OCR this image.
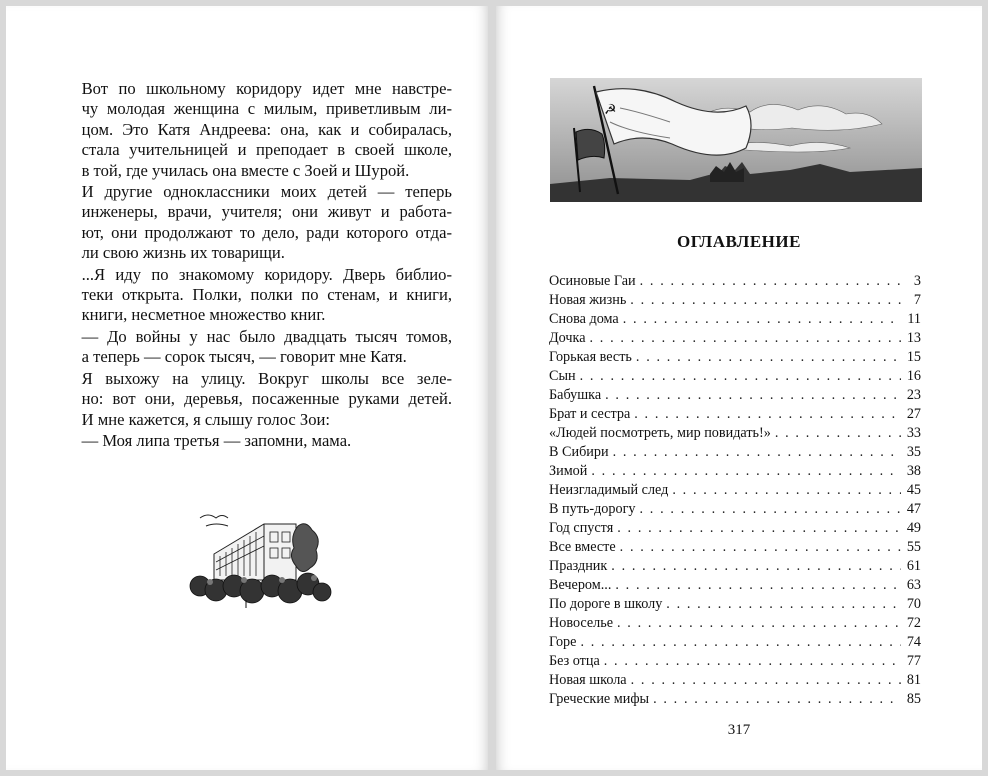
Вот по школьному коридору идет мне навстре-
чу молодая женщина с милым, приветливым ли-
цом. Это Катя Андреева: она, как и собиралась,
стала учительницей и преподает в своей школе,
в той, где училась она вместе с Зоей и Шурой.

И другие одноклассники моих детей — теперь
инженеры, врачи, учителя; они живут и работа-
ют, они продолжают то дело, ради которого отда-
ли свою жизнь их товарищи.

...Я иду по знакомому коридору. Дверь библио-
теки открыта. Полки, полки по стенам, и книги,
книги, несметное множество книг.

— До войны у нас было двадцать тысяч томов,
а теперь — сорок тысяч, — говорит мне Катя.

Я выхожу на улицу. Вокруг школы все зеле-
но: вот они, деревья, посаженные руками детей.
И мне кажется, я слышу голос Зои:

— Моя липа третья — запомни, мама.

☭
ОГЛАВЛЕНИЕ
Осиновые Гаи . . .	3
Новая жизнь . . .	7
Снова дома . . .	11
Дочка . . .	13
Горькая весть . . .	15
Сын . . .	16
Бабушка . . .	23
Брат и сестра . . .	27
«Людей посмотреть, мир повидать!» . . .	33
В Сибири . . .	35
Зимой . . .	38
Неизгладимый след . . .	45
В путь-дорогу . . .	47
Год спустя . . .	49
Все вместе . . .	55
Праздник . . .	61
Вечером... . . .	63
По дороге в школу . . .	70
Новоселье . . .	72
Горе . . .	74
Без отца . . .	77
Новая школа . . .	81
Греческие мифы . . .	85
317
